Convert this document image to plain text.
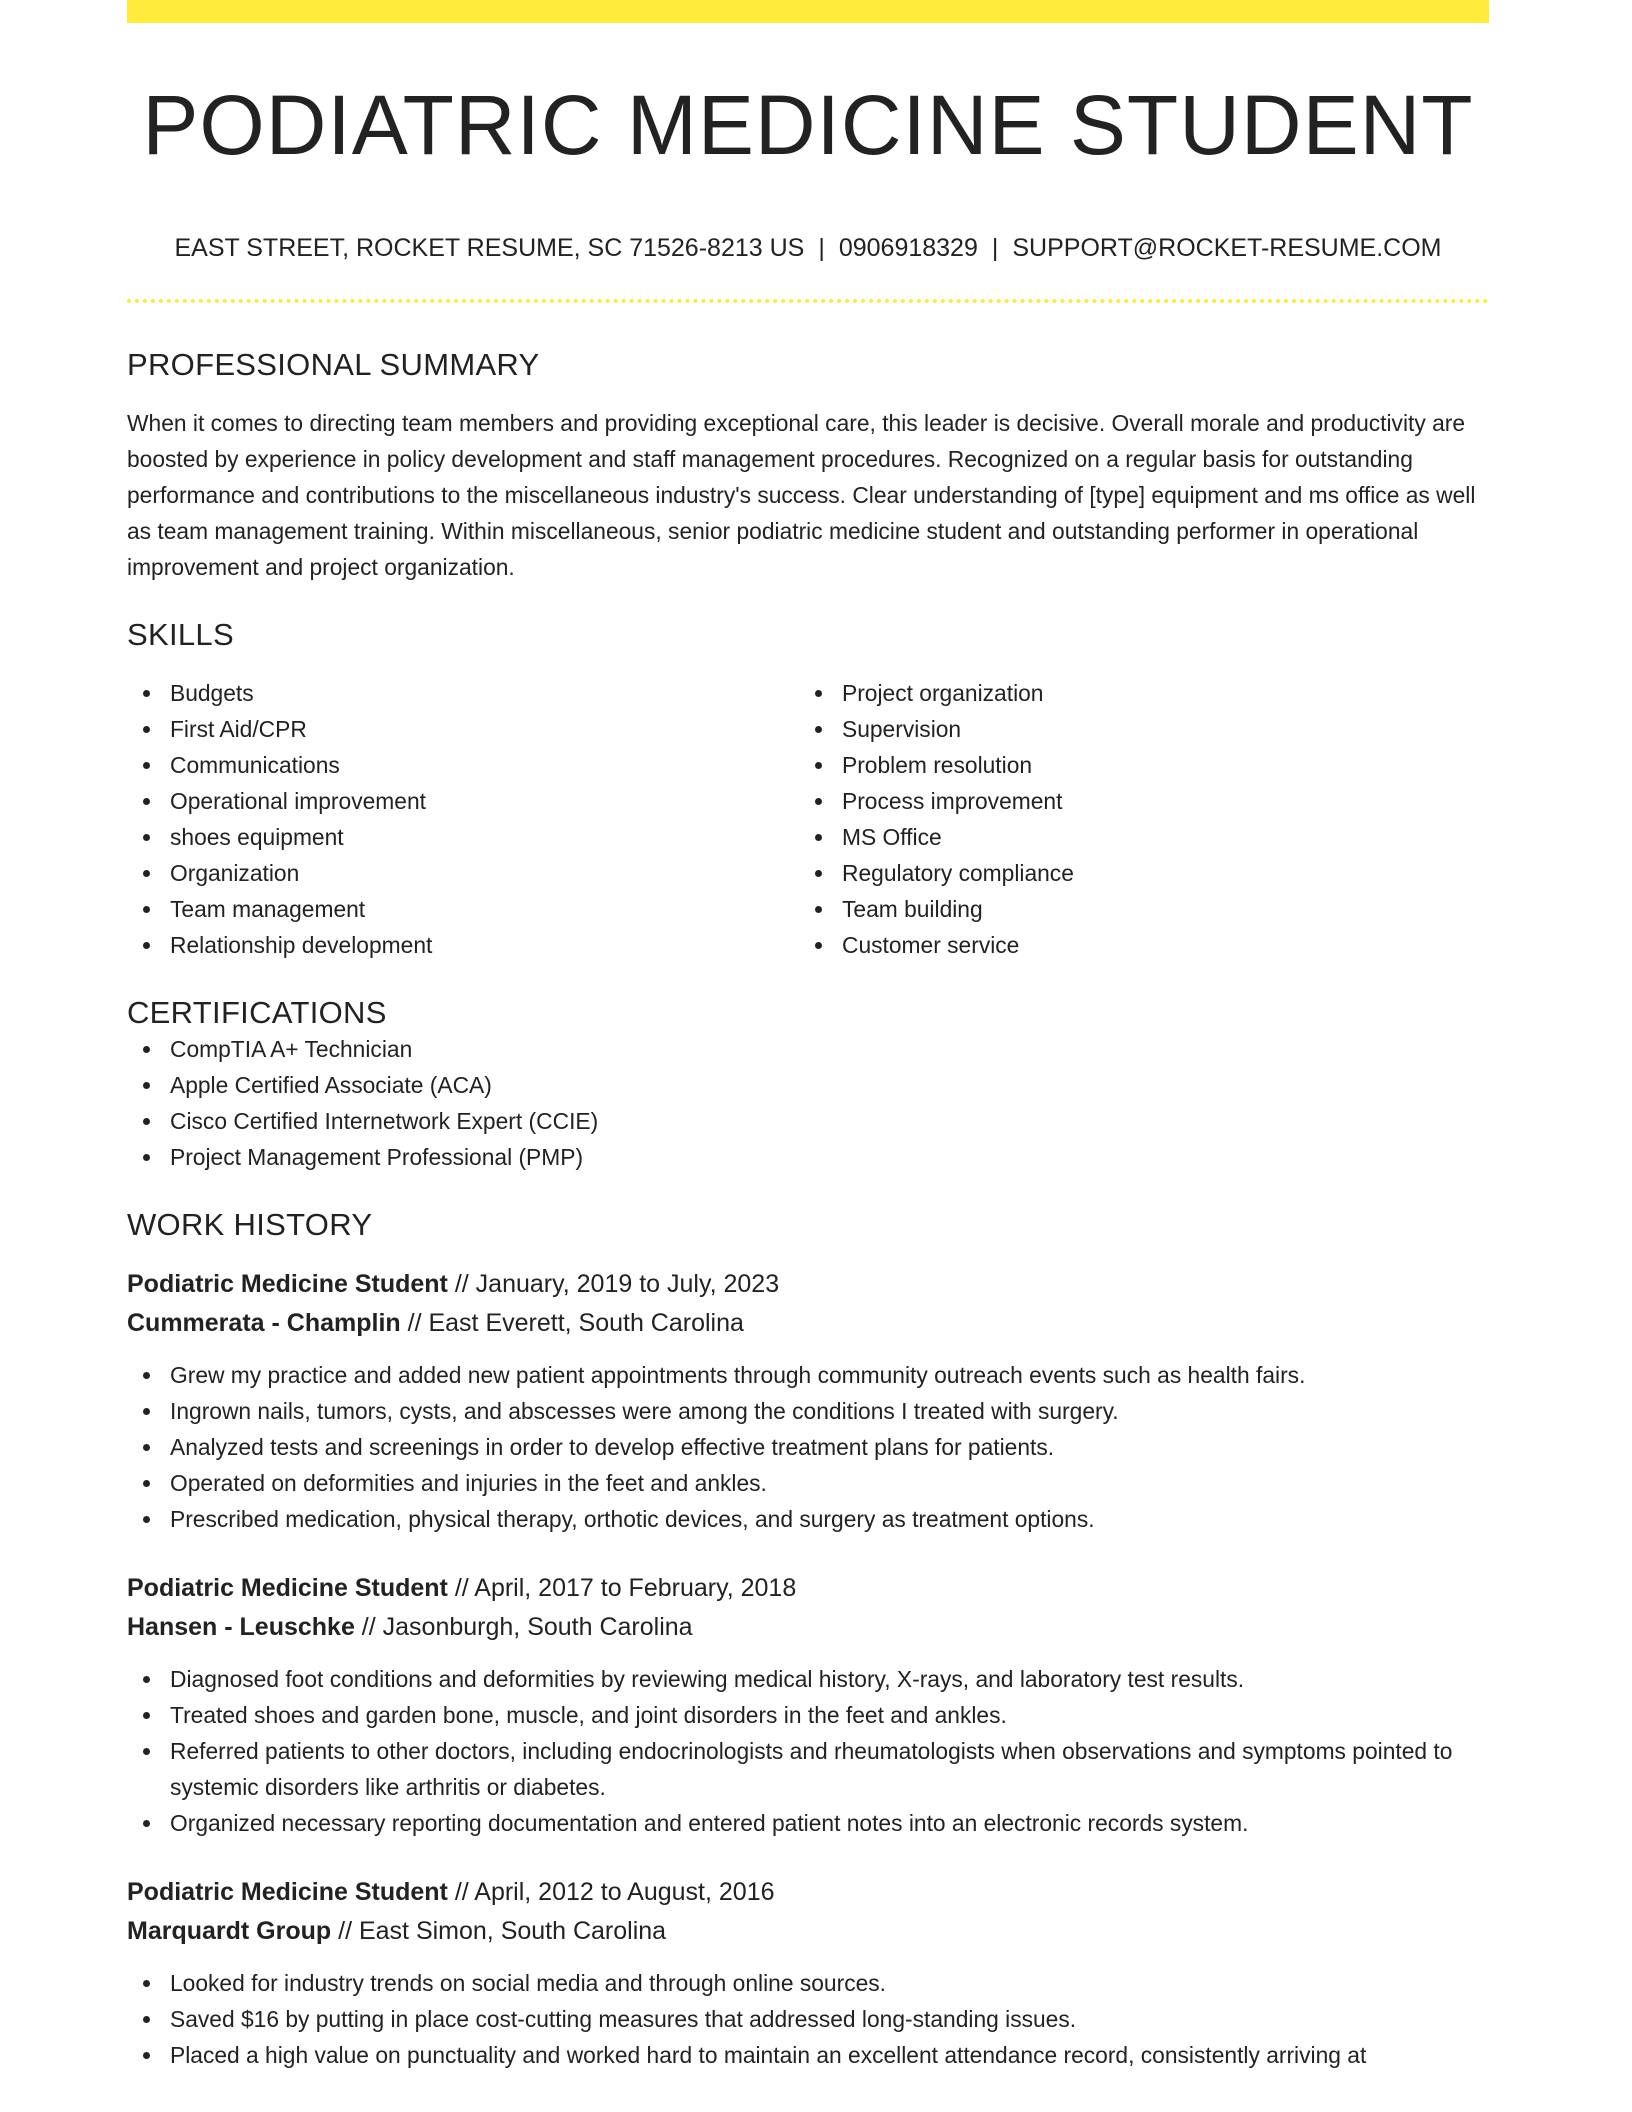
PODIATRIC MEDICINE STUDENT
EAST STREET, ROCKET RESUME, SC 71526-8213 US | 0906918329 | SUPPORT@ROCKET-RESUME.COM
PROFESSIONAL SUMMARY

When it comes to directing team members and providing exceptional care, this leader is decisive. Overall morale and productivity are boosted by experience in policy development and staff management procedures. Recognized on a regular basis for outstanding performance and contributions to the miscellaneous industry's success. Clear understanding of [type] equipment and ms office as well as team management training. Within miscellaneous, senior podiatric medicine student and outstanding performer in operational improvement and project organization.

SKILLS
Budgets
First Aid/CPR
Communications
Operational improvement
shoes equipment
Organization
Team management
Relationship development
Project organization
Supervision
Problem resolution
Process improvement
MS Office
Regulatory compliance
Team building
Customer service
CERTIFICATIONS
CompTIA A+ Technician
Apple Certified Associate (ACA)
Cisco Certified Internetwork Expert (CCIE)
Project Management Professional (PMP)
WORK HISTORY
Podiatric Medicine Student // January, 2019 to July, 2023
Cummerata - Champlin // East Everett, South Carolina
Grew my practice and added new patient appointments through community outreach events such as health fairs.
Ingrown nails, tumors, cysts, and abscesses were among the conditions I treated with surgery.
Analyzed tests and screenings in order to develop effective treatment plans for patients.
Operated on deformities and injuries in the feet and ankles.
Prescribed medication, physical therapy, orthotic devices, and surgery as treatment options.
Podiatric Medicine Student // April, 2017 to February, 2018
Hansen - Leuschke // Jasonburgh, South Carolina
Diagnosed foot conditions and deformities by reviewing medical history, X-rays, and laboratory test results.
Treated shoes and garden bone, muscle, and joint disorders in the feet and ankles.
Referred patients to other doctors, including endocrinologists and rheumatologists when observations and symptoms pointed to systemic disorders like arthritis or diabetes.
Organized necessary reporting documentation and entered patient notes into an electronic records system.
Podiatric Medicine Student // April, 2012 to August, 2016
Marquardt Group // East Simon, South Carolina
Looked for industry trends on social media and through online sources.
Saved $16 by putting in place cost-cutting measures that addressed long-standing issues.
Placed a high value on punctuality and worked hard to maintain an excellent attendance record, consistently arriving at
